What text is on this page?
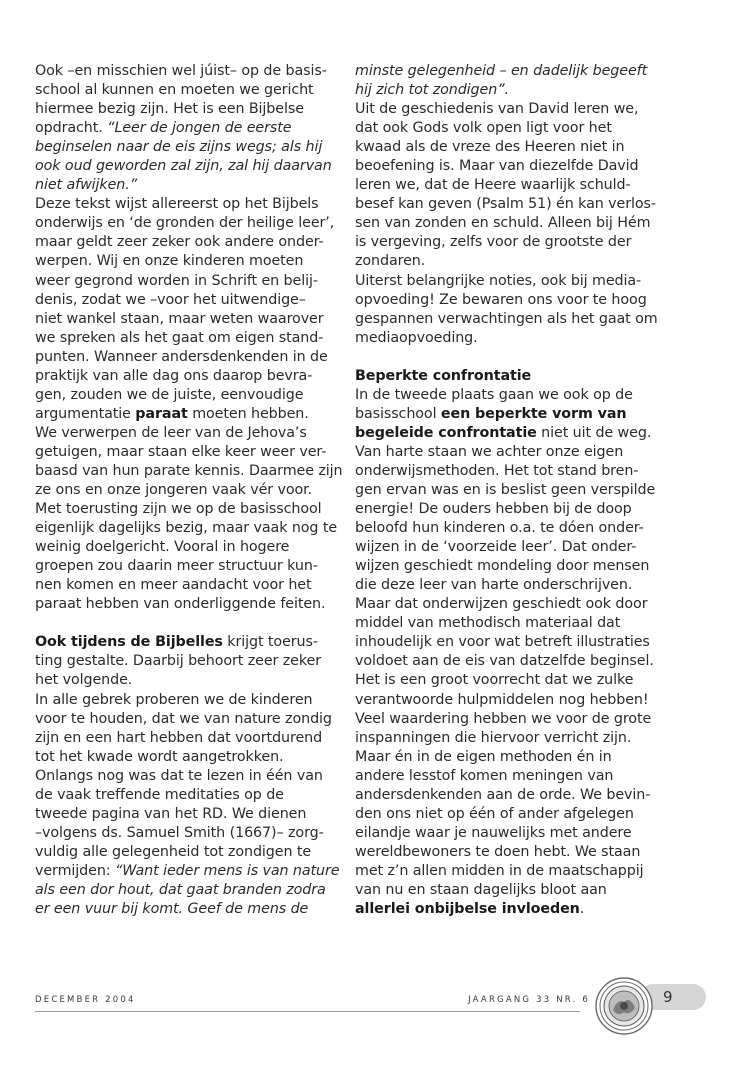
Ook –en misschien wel júist– op de basis-
school al kunnen en moeten we gericht
hiermee bezig zijn. Het is een Bijbelse
opdracht. “Leer de jongen de eerste
beginselen naar de eis zijns wegs; als hij
ook oud geworden zal zijn, zal hij daarvan
niet afwijken.”
Deze tekst wijst allereerst op het Bijbels
onderwijs en ‘de gronden der heilige leer’,
maar geldt zeer zeker ook andere onder-
werpen. Wij en onze kinderen moeten
weer gegrond worden in Schrift en belij-
denis, zodat we –voor het uitwendige–
niet wankel staan, maar weten waarover
we spreken als het gaat om eigen stand-
punten. Wanneer andersdenkenden in de
praktijk van alle dag ons daarop bevra-
gen, zouden we de juiste, eenvoudige
argumentatie paraat moeten hebben.
We verwerpen de leer van de Jehova’s
getuigen, maar staan elke keer weer ver-
baasd van hun parate kennis. Daarmee zijn
ze ons en onze jongeren vaak vér voor.
Met toerusting zijn we op de basisschool
eigenlijk dagelijks bezig, maar vaak nog te
weinig doelgericht. Vooral in hogere
groepen zou daarin meer structuur kun-
nen komen en meer aandacht voor het
paraat hebben van onderliggende feiten.
Ook tijdens de Bijbelles krijgt toerus-
ting gestalte. Daarbij behoort zeer zeker
het volgende.
In alle gebrek proberen we de kinderen
voor te houden, dat we van nature zondig
zijn en een hart hebben dat voortdurend
tot het kwade wordt aangetrokken.
Onlangs nog was dat te lezen in één van
de vaak treffende meditaties op de
tweede pagina van het RD. We dienen
–volgens ds. Samuel Smith (1667)– zorg-
vuldig alle gelegenheid tot zondigen te
vermijden: “Want ieder mens is van nature
als een dor hout, dat gaat branden zodra
er een vuur bij komt. Geef de mens de
minste gelegenheid – en dadelijk begeeft
hij zich tot zondigen”.
Uit de geschiedenis van David leren we,
dat ook Gods volk open ligt voor het
kwaad als de vreze des Heeren niet in
beoefening is. Maar van diezelfde David
leren we, dat de Heere waarlijk schuld-
besef kan geven (Psalm 51) én kan verlos-
sen van zonden en schuld. Alleen bij Hém
is vergeving, zelfs voor de grootste der
zondaren.
Uiterst belangrijke noties, ook bij media-
opvoeding! Ze bewaren ons voor te hoog
gespannen verwachtingen als het gaat om
mediaopvoeding.
Beperkte confrontatie
In de tweede plaats gaan we ook op de
basisschool een beperkte vorm van
begeleide confrontatie niet uit de weg.
Van harte staan we achter onze eigen
onderwijsmethoden. Het tot stand bren-
gen ervan was en is beslist geen verspilde
energie! De ouders hebben bij de doop
beloofd hun kinderen o.a. te dóen onder-
wijzen in de ‘voorzeide leer’. Dat onder-
wijzen geschiedt mondeling door mensen
die deze leer van harte onderschrijven.
Maar dat onderwijzen geschiedt ook door
middel van methodisch materiaal dat
inhoudelijk en voor wat betreft illustraties
voldoet aan de eis van datzelfde beginsel.
Het is een groot voorrecht dat we zulke
verantwoorde hulpmiddelen nog hebben!
Veel waardering hebben we voor de grote
inspanningen die hiervoor verricht zijn.
Maar én in de eigen methoden én in
andere lesstof komen meningen van
andersdenkenden aan de orde. We bevin-
den ons niet op één of ander afgelegen
eilandje waar je nauwelijks met andere
wereldbewoners te doen hebt. We staan
met z’n allen midden in de maatschappij
van nu en staan dagelijks bloot aan
allerlei onbijbelse invloeden.
DECEMBER 2004	JAARGANG 33 NR. 6	9
